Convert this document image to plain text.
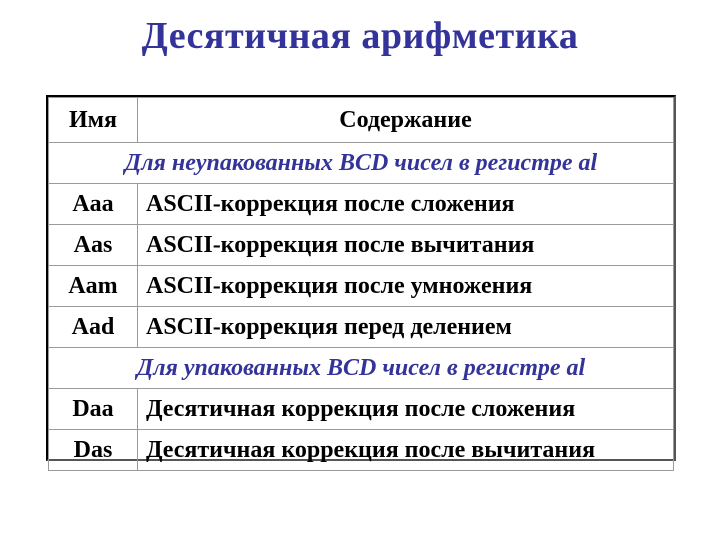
Десятичная арифметика
Имя	Содержание
Для неупакованных BCD чисел в регистре al	
Aaa	ASCII-коррекция после сложения
Aas	ASCII-коррекция после вычитания
Aam	ASCII-коррекция после умножения
Aad	ASCII-коррекция перед делением
Для упакованных BCD чисел в регистре al	
Daa	Десятичная коррекция после сложения
Das	Десятичная коррекция после вычитания
